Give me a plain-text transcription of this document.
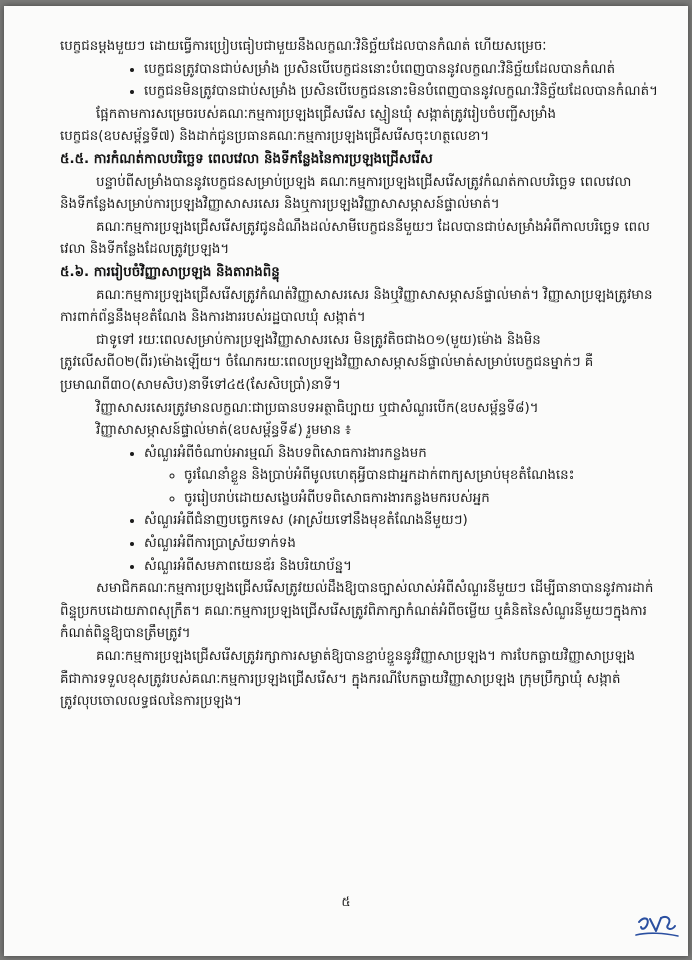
បេក្ខជនម្តងមួយៗ ដោយធ្វើការប្រៀបធៀបជាមួយនឹងលក្ខណៈវិនិច្ឆ័យដែលបានកំណត់ ហើយសម្រេចៈ

• បេក្ខជនត្រូវបានជាប់សម្រាំង ប្រសិនបើបេក្ខជននោះបំពេញបាននូវលក្ខណៈវិនិច្ឆ័យដែលបានកំណត់
• បេក្ខជនមិនត្រូវបានជាប់សម្រាំង ប្រសិនបើបេក្ខជននោះមិនបំពេញបាននូវលក្ខណៈវិនិច្ឆ័យដែលបានកំណត់។

ផ្អែកតាមការសម្រេចរបស់គណៈកម្មការប្រឡងជ្រើសរើស ស្មៀនឃុំ សង្កាត់ត្រូវរៀបចំបញ្ជីសម្រាំងបេក្ខជន(ឧបសម្ព័ន្ធទី៧) និងដាក់ជូនប្រធានគណៈកម្មការប្រឡងជ្រើសរើសចុះហត្ថលេខា។

៥.៥. ការកំណត់កាលបរិច្ឆេទ ពេលវេលា និងទីកន្លែងនៃការប្រឡងជ្រើសរើស

បន្ទាប់ពីសម្រាំងបាននូវបេក្ខជនសម្រាប់ប្រឡង គណៈកម្មការប្រឡងជ្រើសរើសត្រូវកំណត់កាលបរិច្ឆេទ ពេលវេលា និងទីកន្លែងសម្រាប់ការប្រឡងវិញ្ញាសាសរសេរ និងឬការប្រឡងវិញ្ញាសាសម្ភាសន៍ផ្ទាល់មាត់។

គណៈកម្មការប្រឡងជ្រើសរើសត្រូវជូនដំណឹងដល់សាមីបេក្ខជននីមួយៗ ដែលបានជាប់សម្រាំងអំពីកាលបរិច្ឆេទ ពេលវេលា និងទីកន្លែងដែលត្រូវប្រឡង។

៥.៦. ការរៀបចំវិញ្ញាសាប្រឡង និងតារាងពិន្ទុ

គណៈកម្មការប្រឡងជ្រើសរើសត្រូវកំណត់វិញ្ញាសាសរសេរ និងឬវិញ្ញាសាសម្ភាសន៍ផ្ទាល់មាត់។ វិញ្ញាសាប្រឡងត្រូវមានការពាក់ព័ន្ធនឹងមុខតំណែង និងការងាររបស់រដ្ឋបាលឃុំ សង្កាត់។

ជាទូទៅ រយៈពេលសម្រាប់ការប្រឡងវិញ្ញាសាសរសេរ មិនត្រូវតិចជាង០១(មួយ)ម៉ោង និងមិនត្រូវលើសពី០២(ពីរ)ម៉ោងឡើយ។ ចំណែករយៈពេលប្រឡងវិញ្ញាសាសម្ភាសន៍ផ្ទាល់មាត់សម្រាប់បេក្ខជនម្នាក់ៗ គឺប្រមាណពី៣០(សាមសិប)នាទីទៅ៤៥(សែសិបប្រាំ)នាទី។

វិញ្ញាសាសរសេរត្រូវមានលក្ខណៈជាប្រធានបទអត្ថាធិប្បាយ ឬជាសំណួរបើក(ឧបសម្ព័ន្ធទី៨)។

វិញ្ញាសាសម្ភាសន៍ផ្ទាល់មាត់(ឧបសម្ព័ន្ធទី៩) រួមមាន ៖

• សំណួរអំពីចំណាប់អារម្មណ៍ និងបទពិសោធការងារកន្លងមក
◦ ចូរណែនាំខ្លួន និងប្រាប់អំពីមូលហេតុអ្វីបានជាអ្នកដាក់ពាក្យសម្រាប់មុខតំណែងនេះ
◦ ចូររៀបរាប់ដោយសង្ខេបអំពីបទពិសោធការងារកន្លងមករបស់អ្នក
• សំណួរអំពីជំនាញបច្ចេកទេស (អាស្រ័យទៅនឹងមុខតំណែងនីមួយៗ)
• សំណួរអំពីការប្រាស្រ័យទាក់ទង
• សំណួរអំពីសមភាពយេនឌ័រ និងបរិយាប័ន្ន។

សមាជិកគណៈកម្មការប្រឡងជ្រើសរើសត្រូវយល់ដឹងឱ្យបានច្បាស់លាស់អំពីសំណួរនីមួយៗ ដើម្បីធានាបាននូវការដាក់ពិន្ទុប្រកបដោយភាពសុក្រឹត។ គណៈកម្មការប្រឡងជ្រើសរើសត្រូវពិភាក្សាកំណត់អំពីចម្លើយ ឬគំនិតនៃសំណួរនីមួយៗក្នុងការកំណត់ពិន្ទុឱ្យបានត្រឹមត្រូវ។

គណៈកម្មការប្រឡងជ្រើសរើសត្រូវរក្សាការសម្ងាត់ឱ្យបានខ្ជាប់ខ្ជួននូវវិញ្ញាសាប្រឡង។ ការបែកធ្លាយវិញ្ញាសាប្រឡង គឺជាការទទួលខុសត្រូវរបស់គណៈកម្មការប្រឡងជ្រើសរើស។ ក្នុងករណីបែកធ្លាយវិញ្ញាសាប្រឡង ក្រុមប្រឹក្សាឃុំ សង្កាត់ត្រូវលុបចោលលទ្ធផលនៃការប្រឡង។

៥
